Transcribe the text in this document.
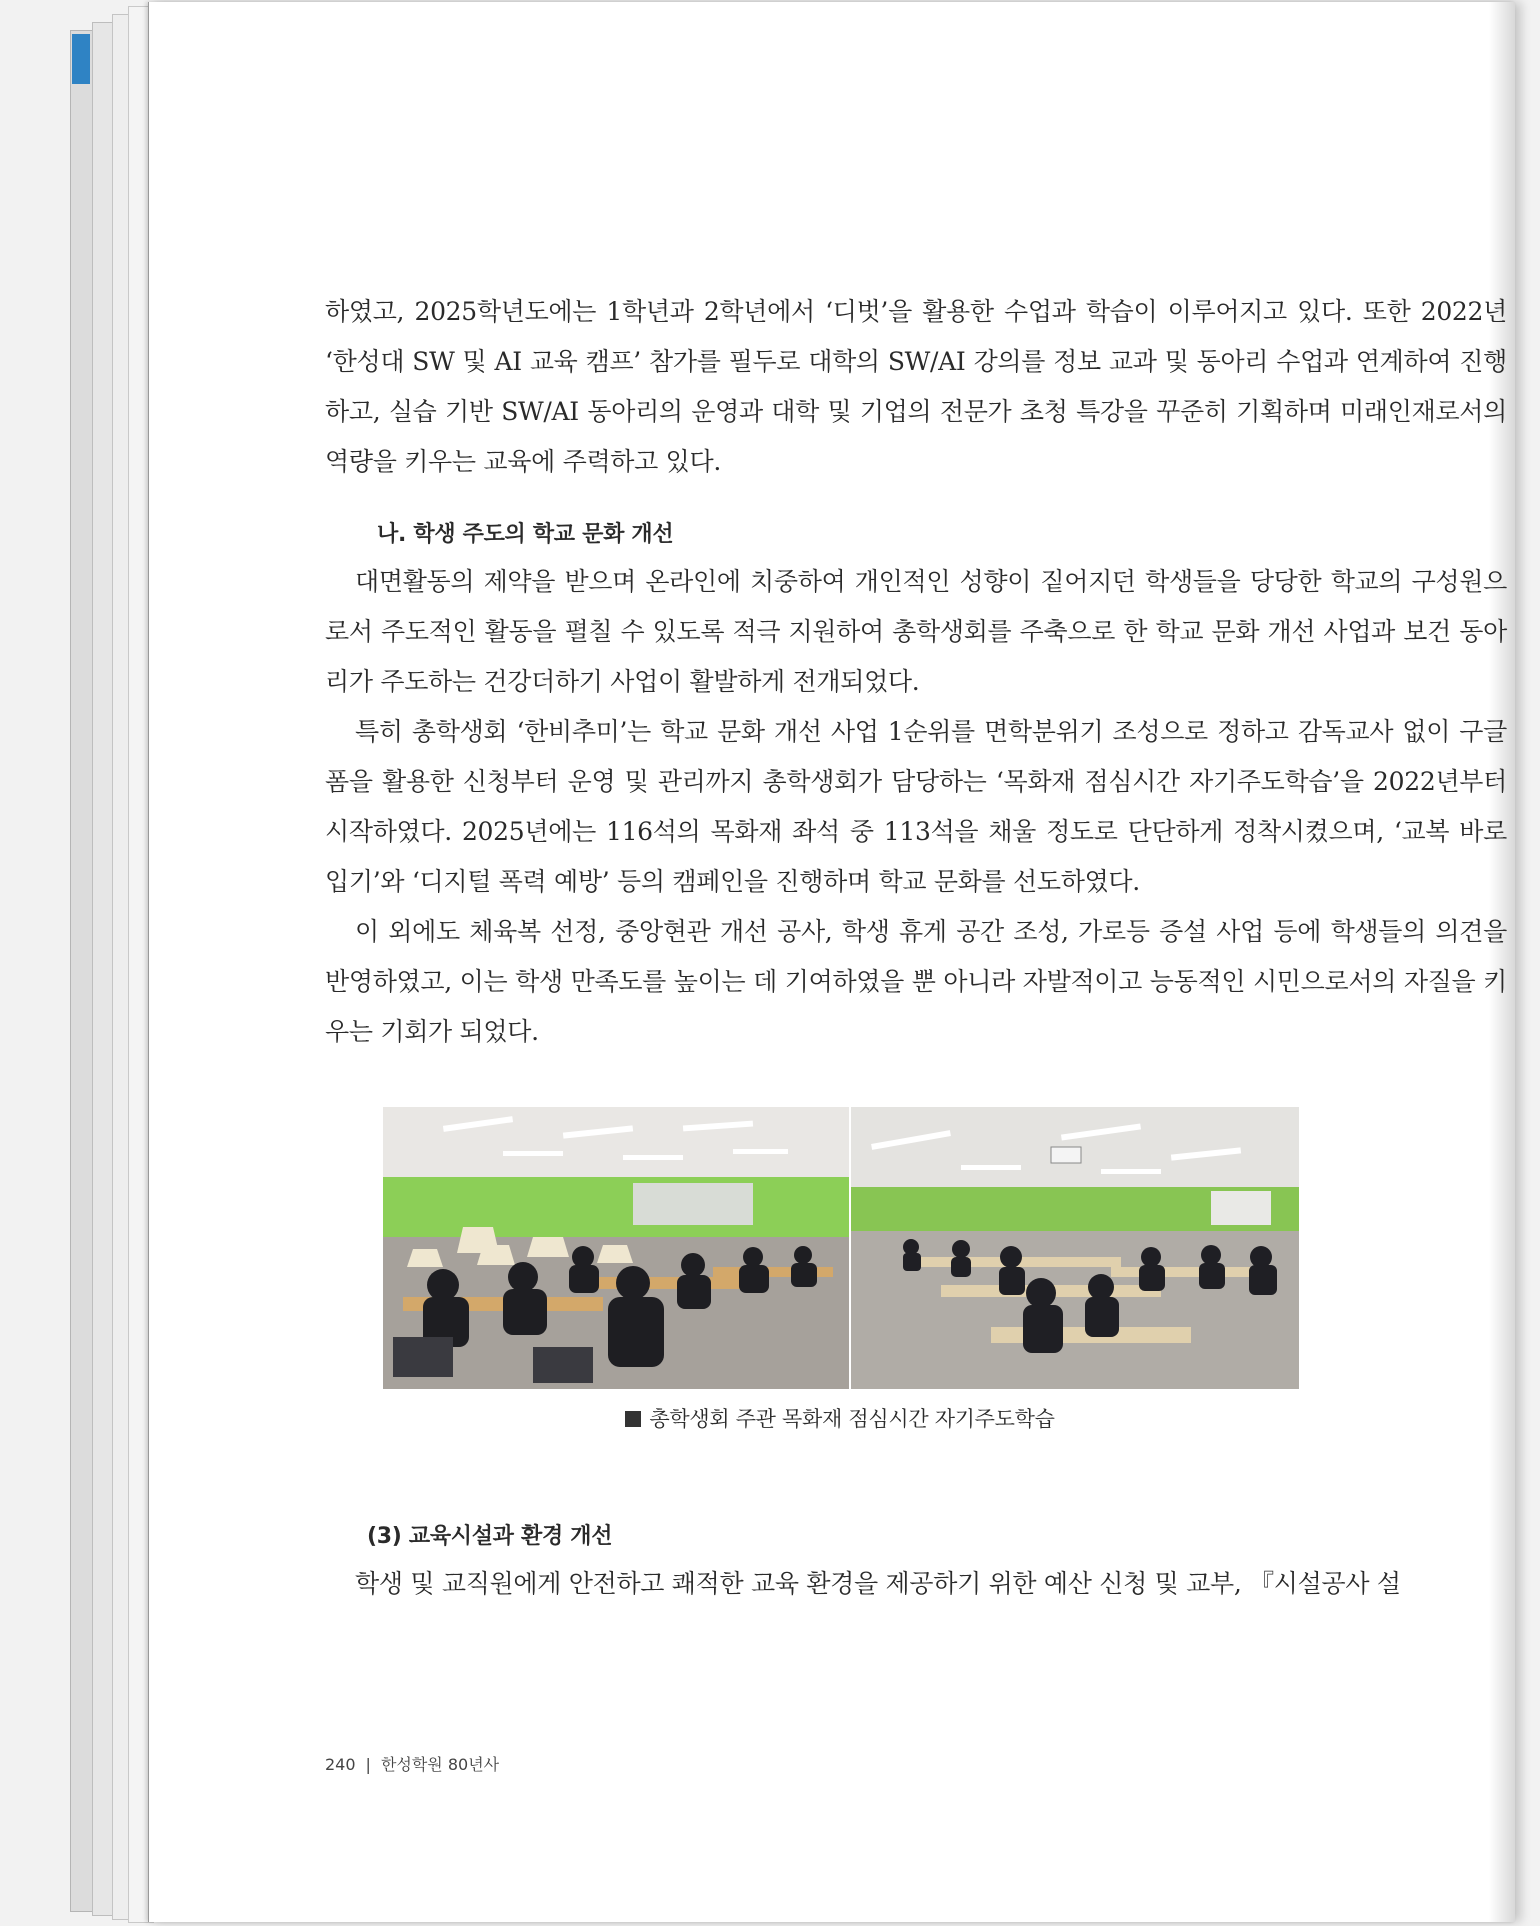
하였고, 2025학년도에는 1학년과 2학년에서 ‘디벗’을 활용한 수업과 학습이 이루어지고 있다. 또한 2022년 ‘한성대 SW 및 AI 교육 캠프’ 참가를 필두로 대학의 SW/AI 강의를 정보 교과 및 동아리 수업과 연계하여 진행하고, 실습 기반 SW/AI 동아리의 운영과 대학 및 기업의 전문가 초청 특강을 꾸준히 기획하며 미래인재로서의 역량을 키우는 교육에 주력하고 있다.

나. 학생 주도의 학교 문화 개선

대면활동의 제약을 받으며 온라인에 치중하여 개인적인 성향이 짙어지던 학생들을 당당한 학교의 구성원으로서 주도적인 활동을 펼칠 수 있도록 적극 지원하여 총학생회를 주축으로 한 학교 문화 개선 사업과 보건 동아리가 주도하는 건강더하기 사업이 활발하게 전개되었다.

특히 총학생회 ‘한비추미’는 학교 문화 개선 사업 1순위를 면학분위기 조성으로 정하고 감독교사 없이 구글폼을 활용한 신청부터 운영 및 관리까지 총학생회가 담당하는 ‘목화재 점심시간 자기주도학습’을 2022년부터 시작하였다. 2025년에는 116석의 목화재 좌석 중 113석을 채울 정도로 단단하게 정착시켰으며, ‘교복 바로 입기’와 ‘디지털 폭력 예방’ 등의 캠페인을 진행하며 학교 문화를 선도하였다.

이 외에도 체육복 선정, 중앙현관 개선 공사, 학생 휴게 공간 조성, 가로등 증설 사업 등에 학생들의 의견을 반영하였고, 이는 학생 만족도를 높이는 데 기여하였을 뿐 아니라 자발적이고 능동적인 시민으로서의 자질을 키우는 기회가 되었다.

총학생회 주관 목화재 점심시간 자기주도학습

(3) 교육시설과 환경 개선

학생 및 교직원에게 안전하고 쾌적한 교육 환경을 제공하기 위한 예산 신청 및 교부, 『시설공사 설

240 | 한성학원 80년사
